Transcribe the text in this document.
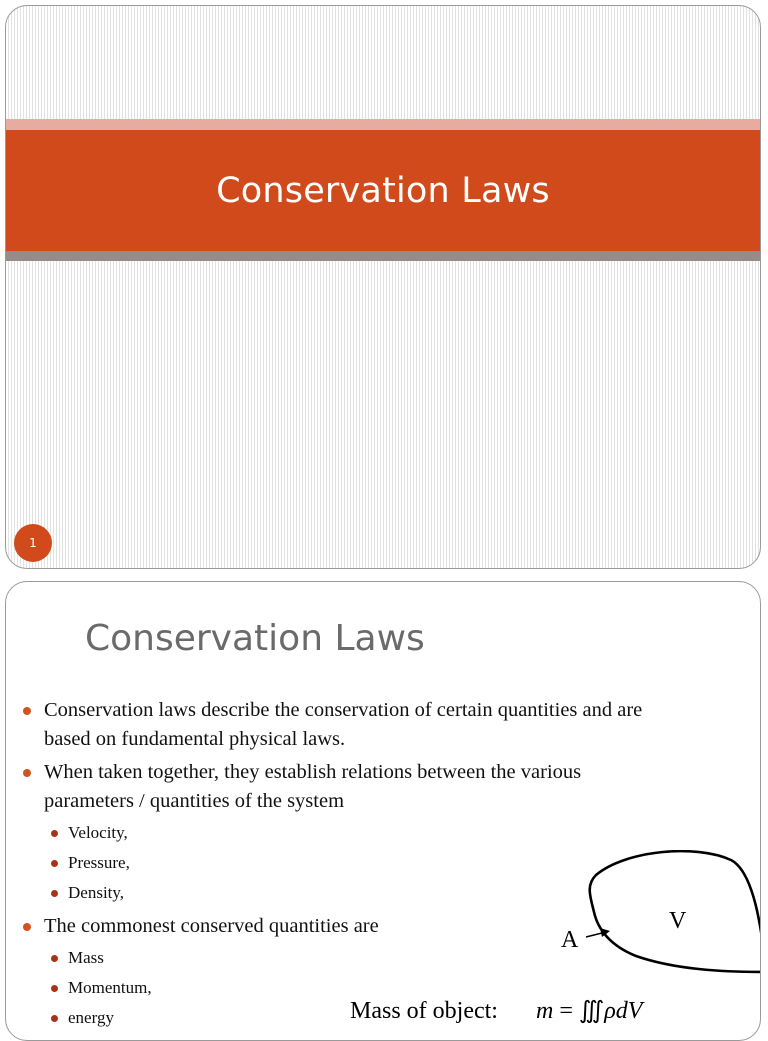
Conservation Laws
1
Conservation Laws
Conservation laws describe the conservation of certain quantities and are based on fundamental physical laws.
When taken together, they establish relations between the various parameters / quantities of the system
Velocity,
Pressure,
Density,
The commonest conserved quantities are
Mass
Momentum,
energy
A
V
Mass of object: m = ∭ρdV
